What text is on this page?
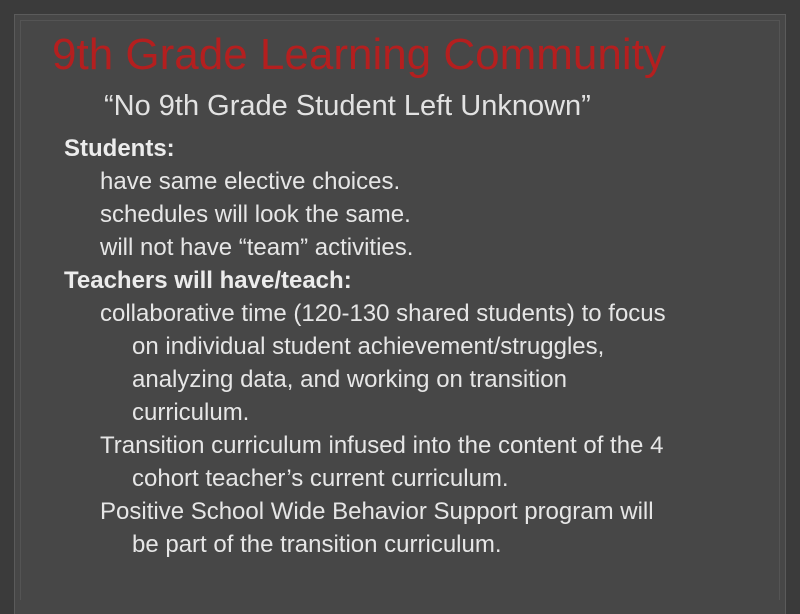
9th Grade Learning Community
“No 9th Grade Student Left Unknown”
Students:
have same elective choices.
schedules will look the same.
will not have “team” activities.
Teachers will have/teach:
collaborative time (120-130 shared students) to focus
on individual student achievement/struggles,
analyzing data, and working on transition
curriculum.
Transition curriculum infused into the content of the 4
cohort teacher’s current curriculum.
Positive School Wide Behavior Support program will
be part of the transition curriculum.
